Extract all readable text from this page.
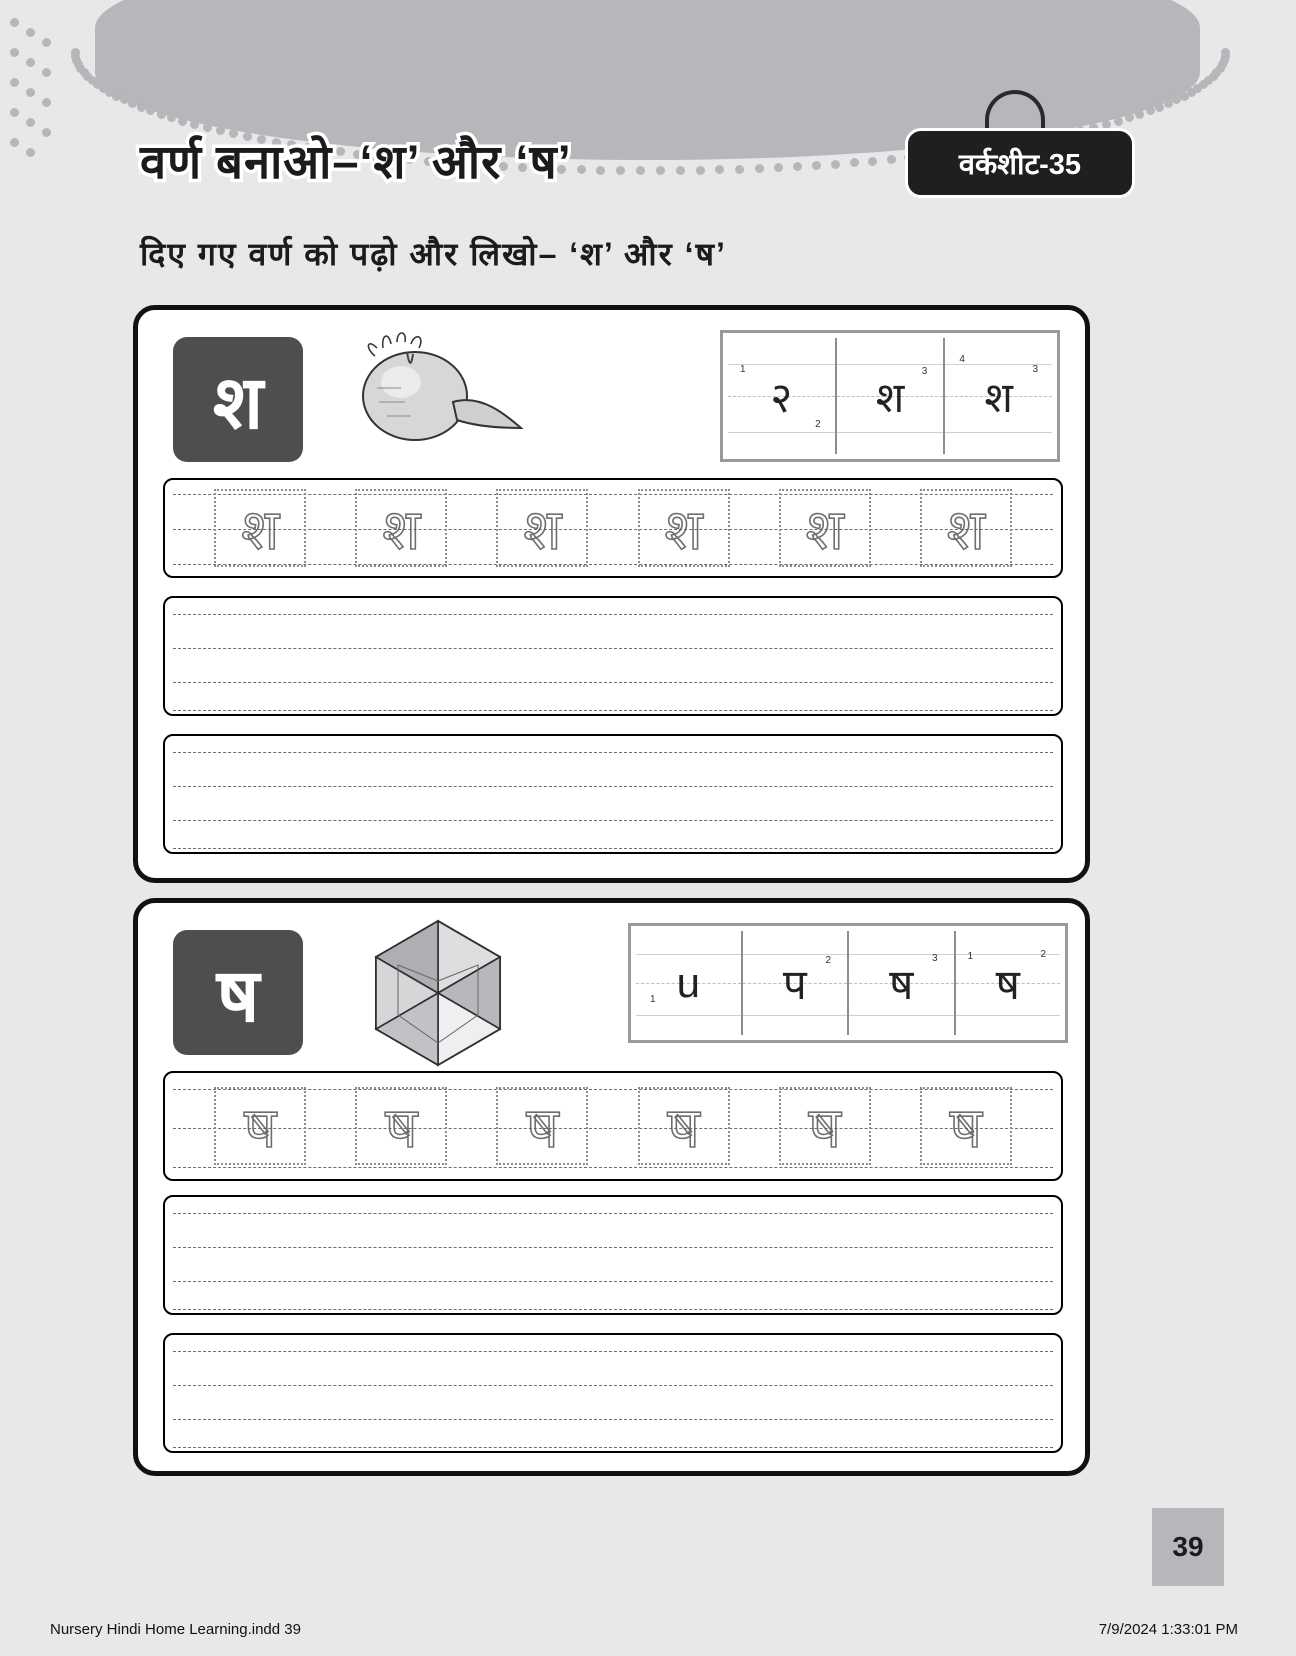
वर्ण बनाओ–‘श’ और ‘ष’	वर्कशीट-35
दिए गए वर्ण को पढ़ो और लिखो– ‘श’ और ‘ष’
श	1
2
२
3
श
4
3
श
श श श श श श
ष	1 u	2
प
3
ष
1	2
ष
ष ष ष ष ष ष
39
Nursery Hindi Home Learning.indd 39	7/9/2024 1:33:01 PM
